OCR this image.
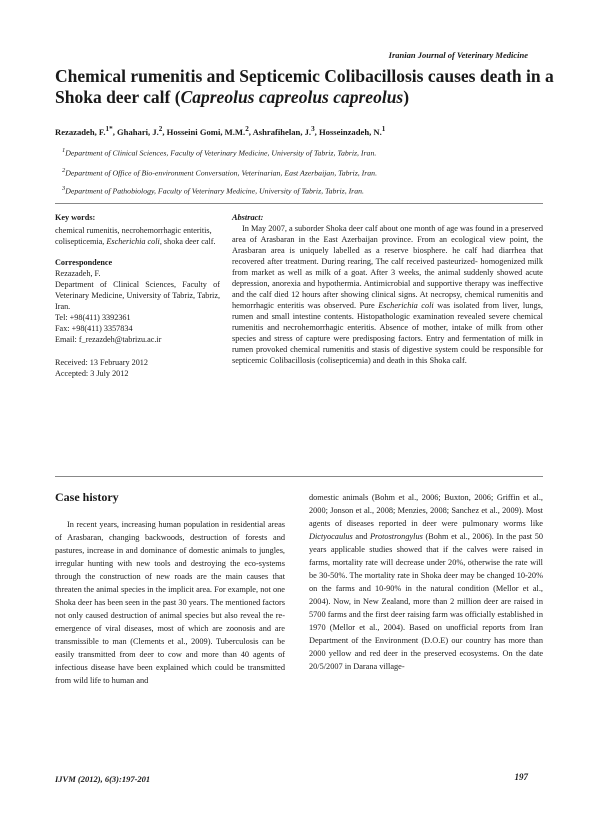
Iranian Journal of Veterinary Medicine
Chemical rumenitis and Septicemic Colibacillosis causes death in a Shoka deer calf (Capreolus capreolus capreolus)
Rezazadeh, F.$^{1*}$, Ghahari, J.$^2$, Hosseini Gomi, M.M.$^2$, Ashrafihelan, J.$^3$, Hosseinzadeh, N.$^1$
$^1$Department of Clinical Sciences, Faculty of Veterinary Medicine, University of Tabriz, Tabriz, Iran.
$^2$Department of Office of Bio-environment Conversation, Veterinarian, East Azerbaijan, Tabriz, Iran.
$^3$Department of Pathobiology, Faculty of Veterinary Medicine, University of Tabriz, Tabriz, Iran.

Key words:

chemical rumenitis, necrohemorrhagic enteritis, colisepticemia, Escherichia coli, shoka deer calf.

Correspondence

Rezazadeh, F.

Department of Clinical Sciences, Faculty of Veterinary Medicine, University of Tabriz, Tabriz, Iran.

Tel: +98(411) 3392361

Fax: +98(411) 3357834

Email: f_rezazdeh@tabrizu.ac.ir

Received: 13 February 2012

Accepted: 3 July 2012

Abstract:

In May 2007, a suborder Shoka deer calf about one month of age was found in a preserved area of Arasbaran in the East Azerbaijan province. From an ecological view point, the Arasbaran area is uniquely labelled as a reserve biosphere. he calf had diarrhea that recovered after treatment. During rearing, The calf received pasteurized- homogenized milk from market as well as milk of a goat. After 3 weeks, the animal suddenly showed acute depression, anorexia and hypothermia. Antimicrobial and supportive therapy was ineffective and the calf died 12 hours after showing clinical signs. At necropsy, chemical rumenitis and hemorrhagic enteritis was observed. Pure Escherichia coli was isolated from liver, lungs, rumen and small intestine contents. Histopathologic examination revealed severe chemical rumenitis and necrohemorrhagic enteritis. Absence of mother, intake of milk from other species and stress of capture were predisposing factors. Entry and fermentation of milk in rumen provoked chemical rumenitis and stasis of digestive system could be responsible for septicemic Colibacillosis (colisepticemia) and death in this Shoka calf.

Case history
In recent years, increasing human population in residential areas of Arasbaran, changing backwoods, destruction of forests and pastures, increase in and dominance of domestic animals to jungles, irregular hunting with new tools and destroying the eco-systems through the construction of new roads are the main causes that threaten the animal species in the implicit area. For example, not one Shoka deer has been seen in the past 30 years. The mentioned factors not only caused destruction of animal species but also reveal the re-emergence of viral diseases, most of which are zoonosis and are transmissible to man (Clements et al., 2009). Tuberculosis can be easily transmitted from deer to cow and more than 40 agents of infectious disease have been explained which could be transmitted from wild life to human and
domestic animals (Bohm et al., 2006; Buxton, 2006; Griffin et al., 2000; Jonson et al., 2008; Menzies, 2008; Sanchez et al., 2009). Most agents of diseases reported in deer were pulmonary worms like Dictyocaulus and Protostrongylus (Bohm et al., 2006). In the past 50 years applicable studies showed that if the calves were raised in farms, mortality rate will decrease under 20%, otherwise the rate will be 30-50%. The mortality rate in Shoka deer may be changed 10-20% on the farms and 10-90% in the natural condition (Mellor et al., 2004). Now, in New Zealand, more than 2 million deer are raised in 5700 farms and the first deer raising farm was officially established in 1970 (Mellor et al., 2004). Based on unofficial reports from Iran Department of the Environment (D.O.E) our country has more than 2000 yellow and red deer in the preserved ecosystems. On the date 20/5/2007 in Darana village-
IJVM (2012), 6(3):197-201	197
